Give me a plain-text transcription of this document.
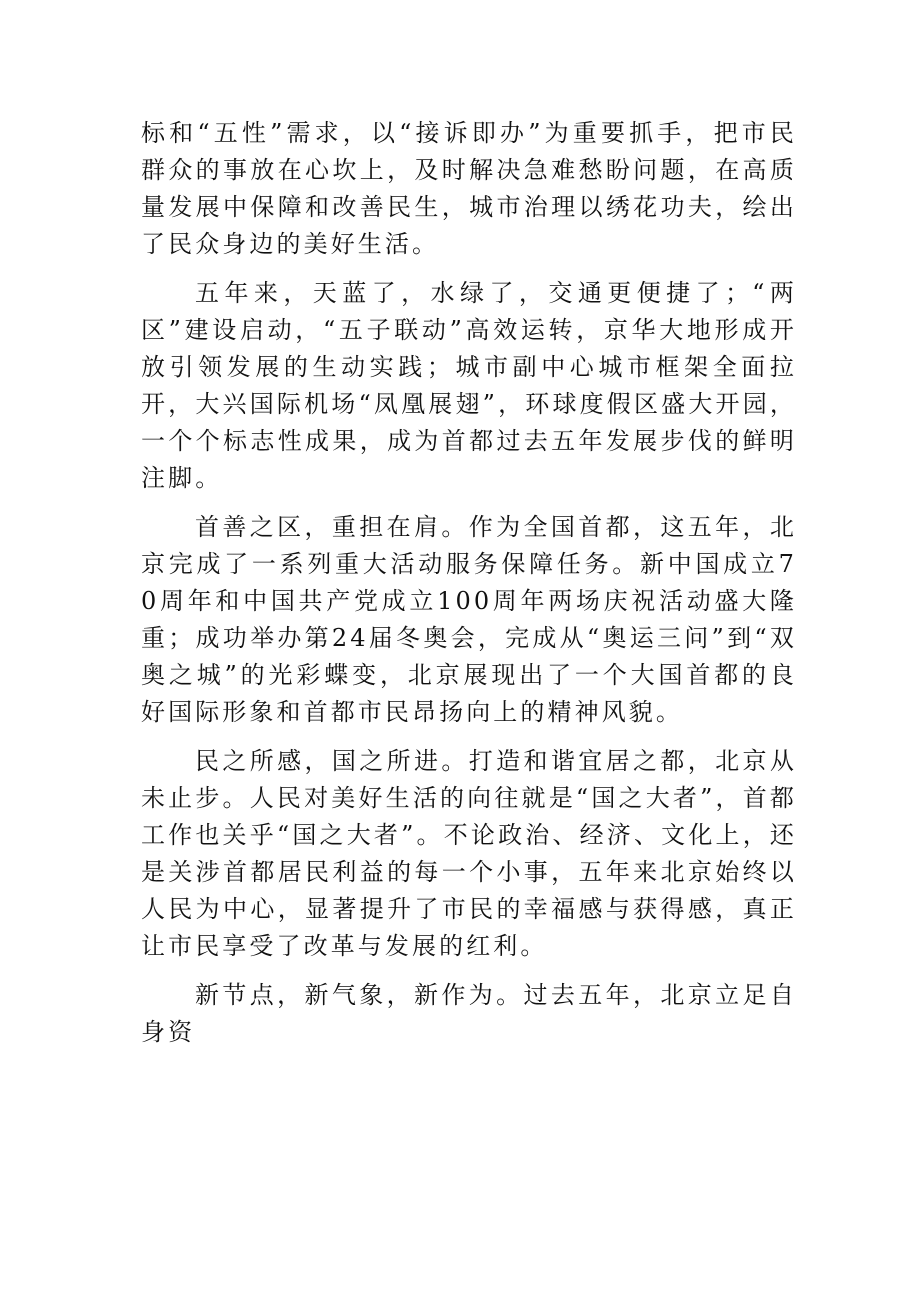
标和“五性”需求，以“接诉即办”为重要抓手，把市民群众的事放在心坎上，及时解决急难愁盼问题，在高质量发展中保障和改善民生，城市治理以绣花功夫，绘出了民众身边的美好生活。

五年来，天蓝了，水绿了，交通更便捷了；“两区”建设启动，“五子联动”高效运转，京华大地形成开放引领发展的生动实践；城市副中心城市框架全面拉开，大兴国际机场“凤凰展翅”，环球度假区盛大开园，一个个标志性成果，成为首都过去五年发展步伐的鲜明注脚。

首善之区，重担在肩。作为全国首都，这五年，北京完成了一系列重大活动服务保障任务。新中国成立70周年和中国共产党成立100周年两场庆祝活动盛大隆重；成功举办第24届冬奥会，完成从“奥运三问”到“双奥之城”的光彩蝶变，北京展现出了一个大国首都的良好国际形象和首都市民昂扬向上的精神风貌。

民之所感，国之所进。打造和谐宜居之都，北京从未止步。人民对美好生活的向往就是“国之大者”，首都工作也关乎“国之大者”。不论政治、经济、文化上，还是关涉首都居民利益的每一个小事，五年来北京始终以人民为中心，显著提升了市民的幸福感与获得感，真正让市民享受了改革与发展的红利。

新节点，新气象，新作为。过去五年，北京立足自身资
